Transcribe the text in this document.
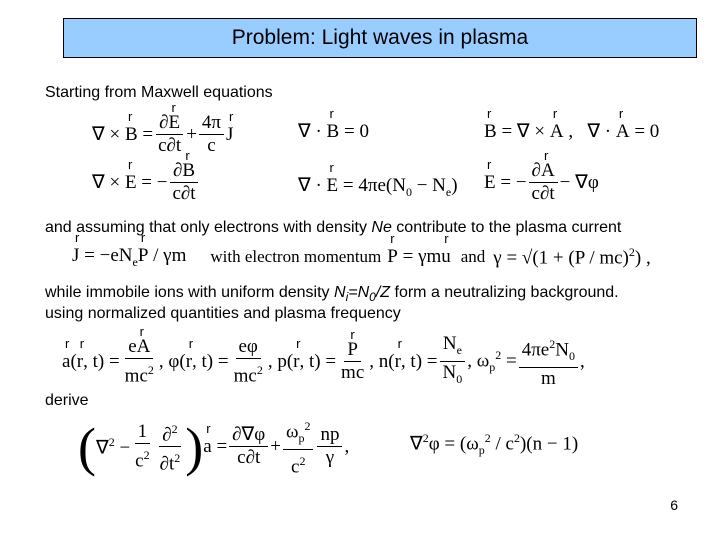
Problem: Light waves in plasma
Starting from Maxwell equations
∇ × r $B = \frac{\text{∂r E}}{c\partial t} + \frac{4\pi}{c}$ r J	∇ · r B = 0	r B = ∇ × r A ,   ∇ · r A = 0
∇ × r E = − $\frac{\text{∂r B}}{c\partial t}$	∇ · r $E = 4\pi e(N_0 - N_e)$ r E = − $\frac{\text{∂r A}}{c\partial t} - \nabla\varphi$
and assuming that only electrons with density Ne contribute to the plasma current
r $J = -eN_er$ P / γm with electron momentum r P = γmr u and γ = √(1 + (P / mc)$^2$) ,
while immobile ions with uniform density $N_i=N_0/Z$ form a neutralizing background.
using normalized quantities and plasma frequency
r a(r r, $t) = \frac{\text{er A}}{mc^2}$ , φ(r r, $t) = \frac{e\varphi}{mc^2}$ , p(r r, t) = r $\frac{P}{mc}$ , n(r r, $t) = \frac{N_e}{N_0}$ , $\omega_p^2 = \frac{4\pi e^2N_0}{m}$ ,
derive
( $\nabla^2 - \frac{1}{c^2} \frac{\partial^2}{\partial t^2}$ ) r $a = \frac{\partial\nabla\varphi}{c\partial t} + \frac{\omega_p^2}{c^2} \frac{np}{\gamma}$ ,	$\nabla^2\varphi = (\omega_p^2 / c^2)(n - 1)$
6
